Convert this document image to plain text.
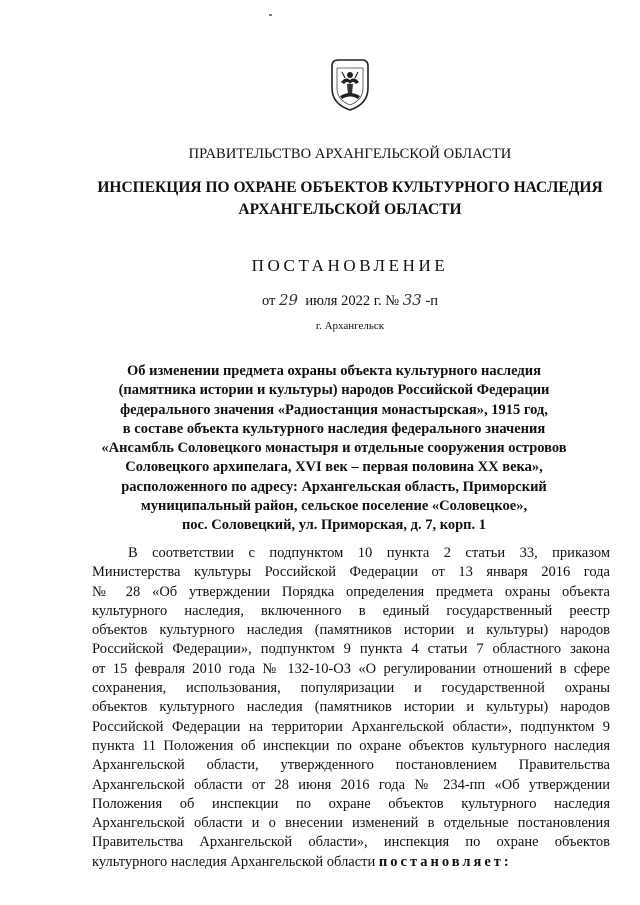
ПРАВИТЕЛЬСТВО АРХАНГЕЛЬСКОЙ ОБЛАСТИ
ИНСПЕКЦИЯ ПО ОХРАНЕ ОБЪЕКТОВ КУЛЬТУРНОГО НАСЛЕДИЯ
АРХАНГЕЛЬСКОЙ ОБЛАСТИ
ПОСТАНОВЛЕНИЕ
от 29 июля 2022 г. № 33 -п
г. Архангельск
Об изменении предмета охраны объекта культурного наследия
(памятника истории и культуры) народов Российской Федерации
федерального значения «Радиостанция монастырская», 1915 год,
в составе объекта культурного наследия федерального значения
«Ансамбль Соловецкого монастыря и отдельные сооружения островов
Соловецкого архипелага, XVI век – первая половина XX века»,
расположенного по адресу: Архангельская область, Приморский
муниципальный район, сельское поселение «Соловецкое»,
пос. Соловецкий, ул. Приморская, д. 7, корп. 1
В соответствии с подпунктом 10 пункта 2 статьи 33, приказом
Министерства культуры Российской Федерации от 13 января 2016 года
№ 28 «Об утверждении Порядка определения предмета охраны объекта
культурного наследия, включенного в единый государственный реестр
объектов культурного наследия (памятников истории и культуры) народов
Российской Федерации», подпунктом 9 пункта 4 статьи 7 областного закона
от 15 февраля 2010 года № 132-10-ОЗ «О регулировании отношений в сфере
сохранения, использования, популяризации и государственной охраны
объектов культурного наследия (памятников истории и культуры) народов
Российской Федерации на территории Архангельской области», подпунктом 9
пункта 11 Положения об инспекции по охране объектов культурного наследия
Архангельской области, утвержденного постановлением Правительства
Архангельской области от 28 июня 2016 года № 234-пп «Об утверждении
Положения об инспекции по охране объектов культурного наследия
Архангельской области и о внесении изменений в отдельные постановления
Правительства Архангельской области», инспекция по охране объектов
культурного наследия Архангельской области постановляет:
